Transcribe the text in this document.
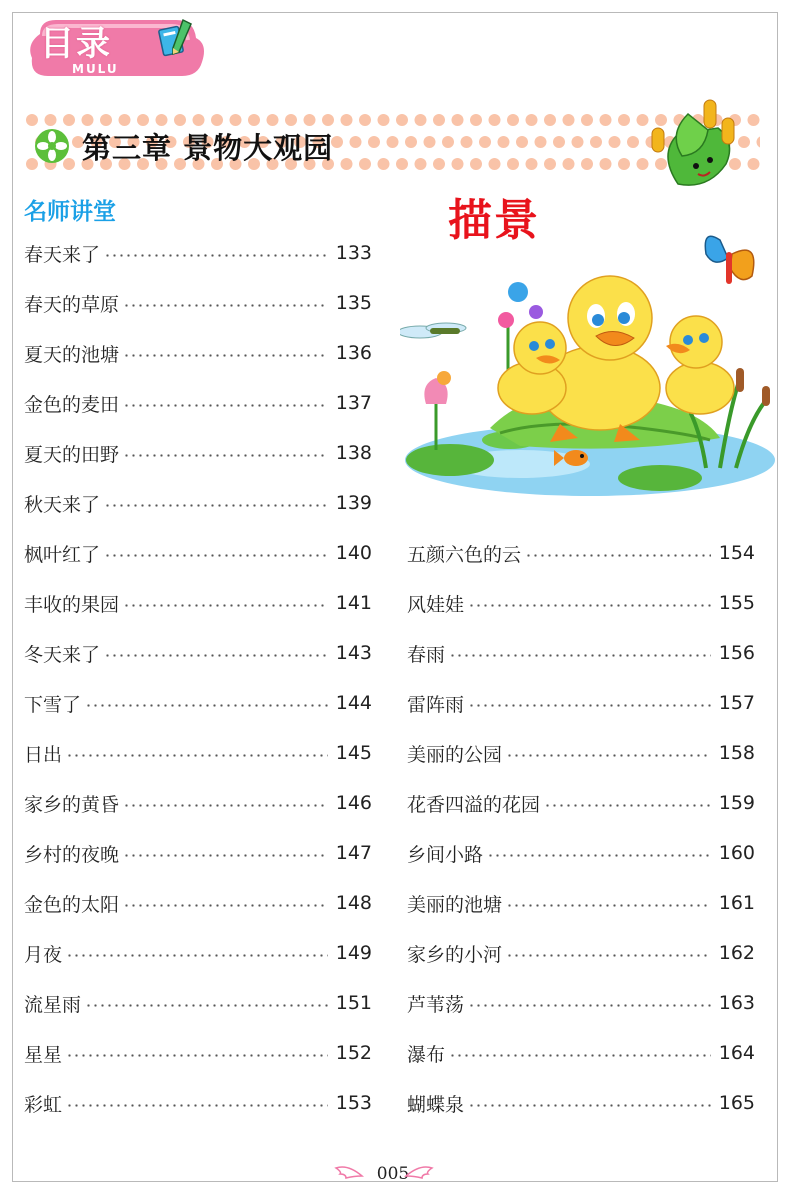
目录
MULU
第三章 景物大观园
名师讲堂	描景
春天来了	133
春天的草原	135
夏天的池塘	136
金色的麦田	137
夏天的田野	138
秋天来了	139
枫叶红了	140
丰收的果园	141
冬天来了	143
下雪了	144
日出	145
家乡的黄昏	146
乡村的夜晚	147
金色的太阳	148
月夜	149
流星雨	151
星星	152
彩虹	153
五颜六色的云	154
风娃娃	155
春雨	156
雷阵雨	157
美丽的公园	158
花香四溢的花园	159
乡间小路	160
美丽的池塘	161
家乡的小河	162
芦苇荡	163
瀑布	164
蝴蝶泉	165
005
